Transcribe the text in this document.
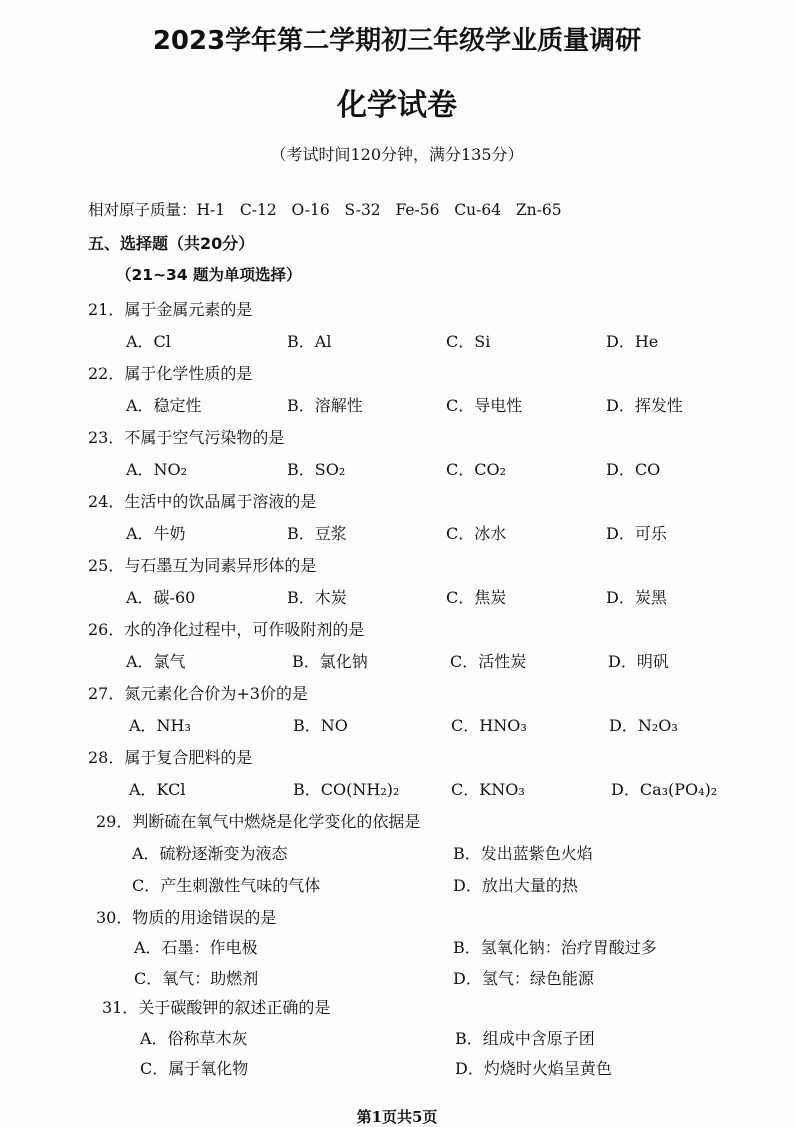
2023学年第二学期初三年级学业质量调研
化学试卷
（考试时间120分钟，满分135分）
相对原子质量：H-1   C-12   O-16   S-32   Fe-56   Cu-64   Zn-65
五、选择题（共20分）
（21~34 题为单项选择）
21．属于金属元素的是
A．Cl	B．Al	C．Si	D．He
22．属于化学性质的是
A．稳定性	B．溶解性	C．导电性	D．挥发性
23．不属于空气污染物的是
A．NO₂	B．SO₂	C．CO₂	D．CO
24．生活中的饮品属于溶液的是
A．牛奶	B．豆浆	C．冰水	D．可乐
25．与石墨互为同素异形体的是
A．碳-60	B．木炭	C．焦炭	D．炭黑
26．水的净化过程中，可作吸附剂的是
A．氯气	B．氯化钠	C．活性炭	D．明矾
27．氮元素化合价为+3价的是
A．NH₃	B．NO	C．HNO₃	D．N₂O₃
28．属于复合肥料的是
A．KCl	B．CO(NH₂)₂	C．KNO₃	D．Ca₃(PO₄)₂
29．判断硫在氧气中燃烧是化学变化的依据是
A．硫粉逐渐变为液态	B．发出蓝紫色火焰
C．产生刺激性气味的气体	D．放出大量的热
30．物质的用途错误的是
A．石墨：作电极	B．氢氧化钠：治疗胃酸过多
C．氧气：助燃剂	D．氢气：绿色能源
31．关于碳酸钾的叙述正确的是
A．俗称草木灰	B．组成中含原子团
C．属于氧化物	D．灼烧时火焰呈黄色
第1页共5页
